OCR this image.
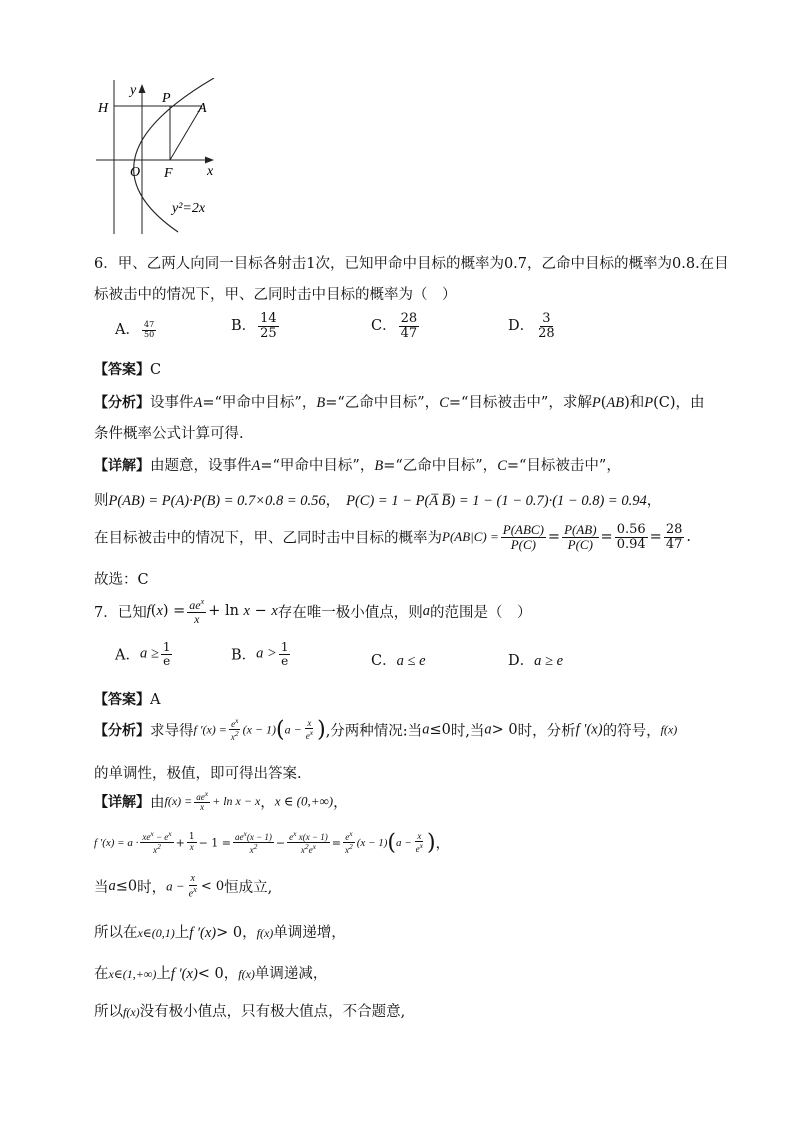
y
H
P
A
O F x
y²=2x
6．甲、乙两人向同一目标各射击1次，已知甲命中目标的概率为0.7，乙命中目标的概率为0.8.在目
标被击中的情况下，甲、乙同时击中目标的概率为（　）
A． $\frac{47}{50}$	B． $\frac{14}{25}$	C． $\frac{28}{47}$	D． $\frac{3}{28}$
【答案】C
【分析】设事件A=“甲命中目标”，B=“乙命中目标”，C=“目标被击中”，求解P(AB)和P(C)，由
条件概率公式计算可得.
【详解】由题意，设事件A=“甲命中目标”，B=“乙命中目标”，C=“目标被击中”，
则P(AB) = P(A)·P(B) = 0.7×0.8 = 0.56， P(C) = 1 − P(A̅ B̅) = 1 − (1 − 0.7)·(1 − 0.8) = 0.94，
在目标被击中的情况下，甲、乙同时击中目标的概率为$P(AB|C) = \frac{\text{P(ABC)}}{P(C)} = \frac{P(AB)}{P(C)} = \frac{0.56}{0.94} = \frac{28}{47}$ .
故选：C
7．已知$f(x) = \frac{ae^x}{x} + \ln x - x$存在唯一极小值点，则a的范围是（　）
A．$a \ge \frac{1}{e}$	B．$a > \frac{1}{e}$	C．a ≤ e	D．a ≥ e
【答案】A
【分析】求导得f $'(x) = \frac{e^x}{x^2} (x - 1)(a - \frac{x}{e^x}$ ),分两种情况:当a≤0时,当a> 0时，分析f ′(x)的符号，f(x)
的单调性，极值，即可得出答案.
【详解】由$f(x) = \frac{ae^x}{x} + \ln x - x$，x ∈ (0,+∞)，
f $'(x) = a \cdot \frac{xe^x - e^x}{x^2} + \frac{1}{x} - 1 = \frac{ae^x(x - 1)}{x^2} - \frac{e^x x(x - 1)}{x^2e^x} = \frac{e^x}{x^2} (x - 1)(a - \frac{x}{e^x}$ )，
当a≤0时，$a - \frac{x}{e^x} < 0$恒成立,
所以在x∈(0,1)上f ′(x)> 0，f(x)单调递增，
在x∈(1,+∞)上f ′(x)< 0，f(x)单调递减，
所以f(x)没有极小值点，只有极大值点，不合题意,
